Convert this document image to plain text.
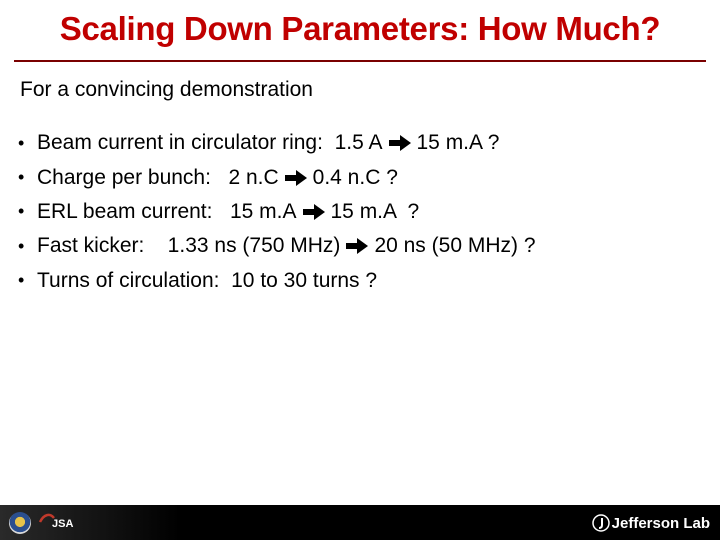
Scaling Down Parameters: How Much?
For a convincing demonstration
• Beam current in circulator ring:  1.5 A 15 m.A ?
• Charge per bunch:   2 n.C 0.4 n.C ?
• ERL beam current:   15 m.A 15 m.A  ?
• Fast kicker:    1.33 ns (750 MHz) 20 ns (50 MHz) ?
• Turns of circulation:  10 to 30 turns ?
JSA	Jefferson Lab
